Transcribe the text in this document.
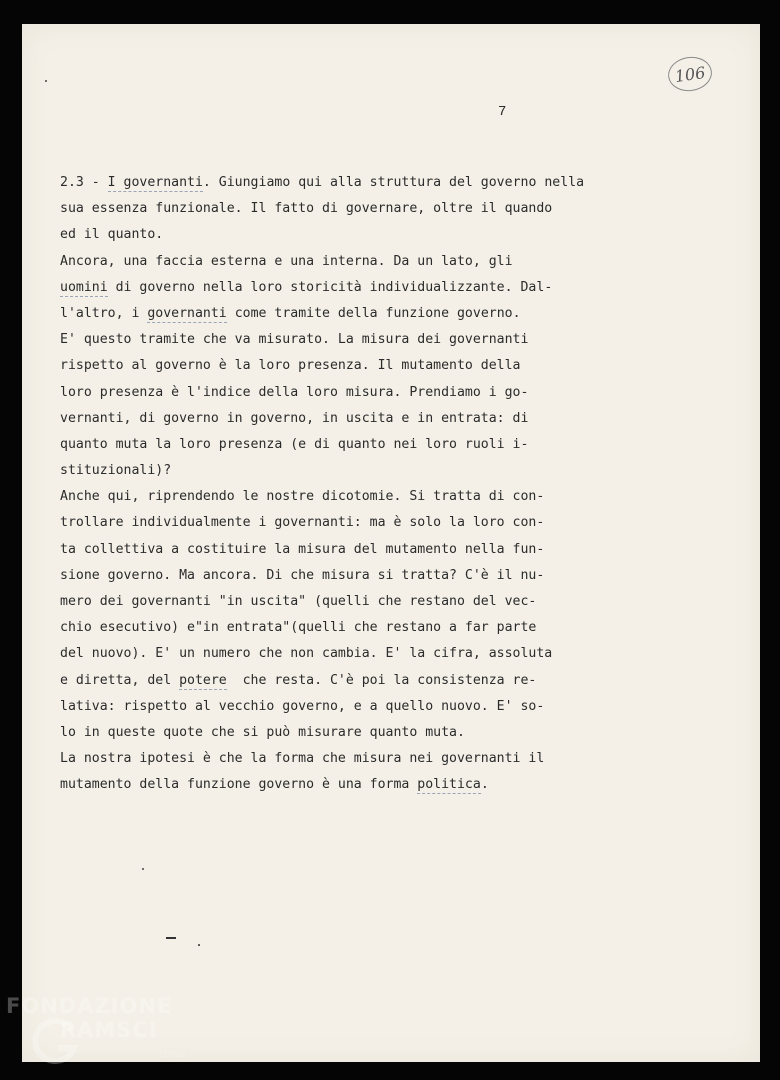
106
7
2.3 - I governanti. Giungiamo qui alla struttura del governo nella
sua essenza funzionale. Il fatto di governare, oltre il quando
ed il quanto.
Ancora, una faccia esterna e una interna. Da un lato, gli
uomini di governo nella loro storicità individualizzante. Dal-
l'altro, i governanti come tramite della funzione governo.
E' questo tramite che va misurato. La misura dei governanti
rispetto al governo è la loro presenza. Il mutamento della
loro presenza è l'indice della loro misura. Prendiamo i go-
vernanti, di governo in governo, in uscita e in entrata: di
quanto muta la loro presenza (e di quanto nei loro ruoli i-
stituzionali)?
Anche qui, riprendendo le nostre dicotomie. Si tratta di con-
trollare individualmente i governanti: ma è solo la loro con-
ta collettiva a costituire la misura del mutamento nella fun-
sione governo. Ma ancora. Di che misura si tratta? C'è il nu-
mero dei governanti "in uscita" (quelli che restano del vec-
chio esecutivo) e"in entrata"(quelli che restano a far parte
del nuovo). E' un numero che non cambia. E' la cifra, assoluta
e diretta, del potere  che resta. C'è poi la consistenza re-
lativa: rispetto al vecchio governo, e a quello nuovo. E' so-
lo in queste quote che si può misurare quanto muta.
La nostra ipotesi è che la forma che misura nei governanti il
mutamento della funzione governo è una forma politica.
FONDAZIONE
RAMSCI
Onlus
